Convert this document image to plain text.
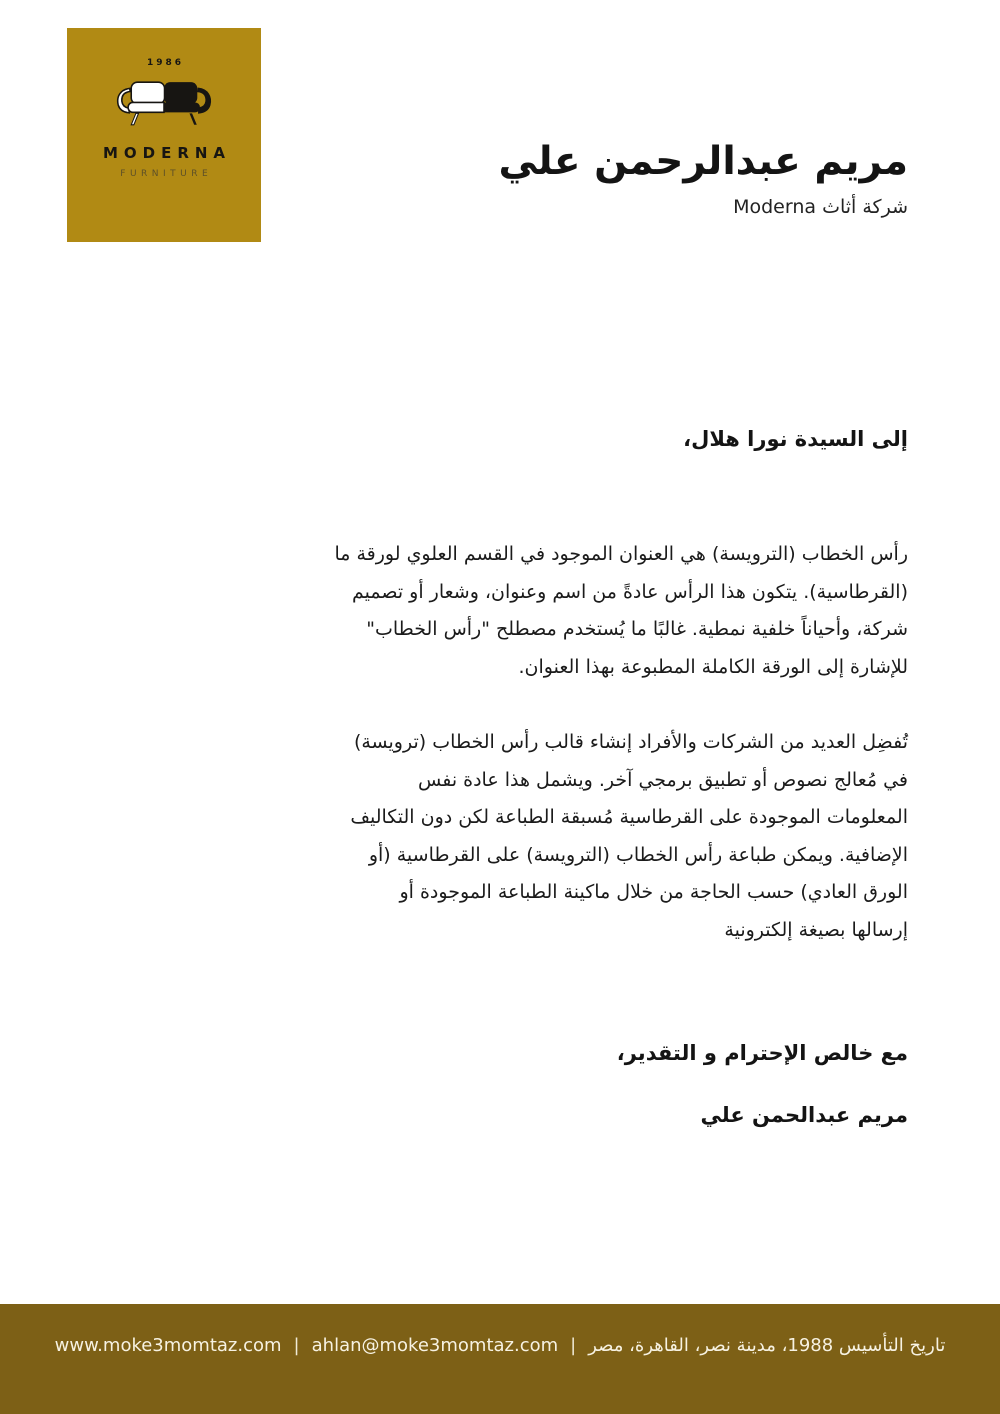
1986
MODERNA
FURNITURE	مريم عبدالرحمن علي
شركة أثاث Moderna
إلى السيدة نورا هلال،
رأس الخطاب (الترويسة) هي العنوان الموجود في القسم العلوي لورقة ما
(القرطاسية). يتكون هذا الرأس عادةً من اسم وعنوان، وشعار أو تصميم
شركة، وأحياناً خلفية نمطية. غالبًا ما يُستخدم مصطلح "رأس الخطاب"
للإشارة إلى الورقة الكاملة المطبوعة بهذا العنوان.
تُفضِل العديد من الشركات والأفراد إنشاء قالب رأس الخطاب (ترويسة)
في مُعالج نصوص أو تطبيق برمجي آخر. ويشمل هذا عادة نفس
المعلومات الموجودة على القرطاسية مُسبقة الطباعة لكن دون التكاليف
الإضافية. ويمكن طباعة رأس الخطاب (الترويسة) على القرطاسية (أو
الورق العادي) حسب الحاجة من خلال ماكينة الطباعة الموجودة أو
إرسالها بصيغة إلكترونية
مع خالص الإحترام و التقدير،
مريم عبدالحمن علي
www.moke3momtaz.com | ahlan@moke3momtaz.com | تاريخ التأسيس 1988، مدينة نصر، القاهرة، مصر
